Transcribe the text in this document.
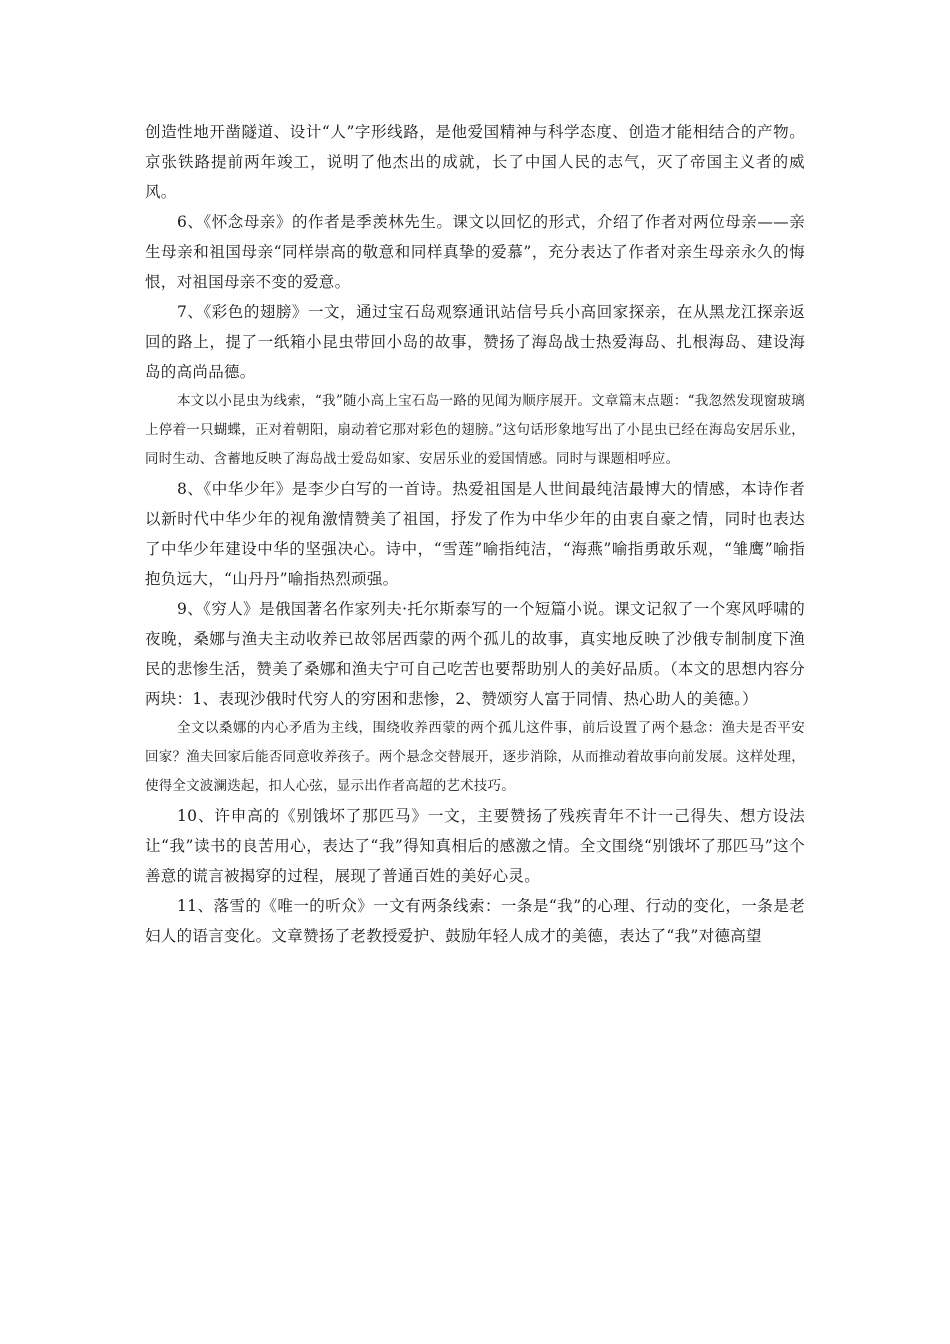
创造性地开凿隧道、设计“人”字形线路，是他爱国精神与科学态度、创造才能相结合的产物。京张铁路提前两年竣工，说明了他杰出的成就，长了中国人民的志气，灭了帝国主义者的威风。

6、《怀念母亲》的作者是季羡林先生。课文以回忆的形式，介绍了作者对两位母亲——亲生母亲和祖国母亲“同样崇高的敬意和同样真挚的爱慕”，充分表达了作者对亲生母亲永久的悔恨，对祖国母亲不变的爱意。

7、《彩色的翅膀》一文，通过宝石岛观察通讯站信号兵小高回家探亲，在从黑龙江探亲返回的路上，提了一纸箱小昆虫带回小岛的故事，赞扬了海岛战士热爱海岛、扎根海岛、建设海岛的高尚品德。

本文以小昆虫为线索，“我”随小高上宝石岛一路的见闻为顺序展开。文章篇末点题：“我忽然发现窗玻璃上停着一只蝴蝶，正对着朝阳，扇动着它那对彩色的翅膀。”这句话形象地写出了小昆虫已经在海岛安居乐业，同时生动、含蓄地反映了海岛战士爱岛如家、安居乐业的爱国情感。同时与课题相呼应。

8、《中华少年》是李少白写的一首诗。热爱祖国是人世间最纯洁最博大的情感，本诗作者以新时代中华少年的视角激情赞美了祖国，抒发了作为中华少年的由衷自豪之情，同时也表达了中华少年建设中华的坚强决心。诗中，“雪莲”喻指纯洁，“海燕”喻指勇敢乐观，“雏鹰”喻指抱负远大，“山丹丹”喻指热烈顽强。

9、《穷人》是俄国著名作家列夫·托尔斯泰写的一个短篇小说。课文记叙了一个寒风呼啸的夜晚，桑娜与渔夫主动收养已故邻居西蒙的两个孤儿的故事，真实地反映了沙俄专制制度下渔民的悲惨生活，赞美了桑娜和渔夫宁可自己吃苦也要帮助别人的美好品质。（本文的思想内容分两块：1、表现沙俄时代穷人的穷困和悲惨，2、赞颂穷人富于同情、热心助人的美德。）

全文以桑娜的内心矛盾为主线，围绕收养西蒙的两个孤儿这件事，前后设置了两个悬念：渔夫是否平安回家？渔夫回家后能否同意收养孩子。两个悬念交替展开，逐步消除，从而推动着故事向前发展。这样处理，使得全文波澜迭起，扣人心弦，显示出作者高超的艺术技巧。

10、许申高的《别饿坏了那匹马》一文，主要赞扬了残疾青年不计一己得失、想方设法让“我”读书的良苦用心，表达了“我”得知真相后的感激之情。全文围绕“别饿坏了那匹马”这个善意的谎言被揭穿的过程，展现了普通百姓的美好心灵。

11、落雪的《唯一的听众》一文有两条线索：一条是“我”的心理、行动的变化，一条是老妇人的语言变化。文章赞扬了老教授爱护、鼓励年轻人成才的美德，表达了“我”对德高望
